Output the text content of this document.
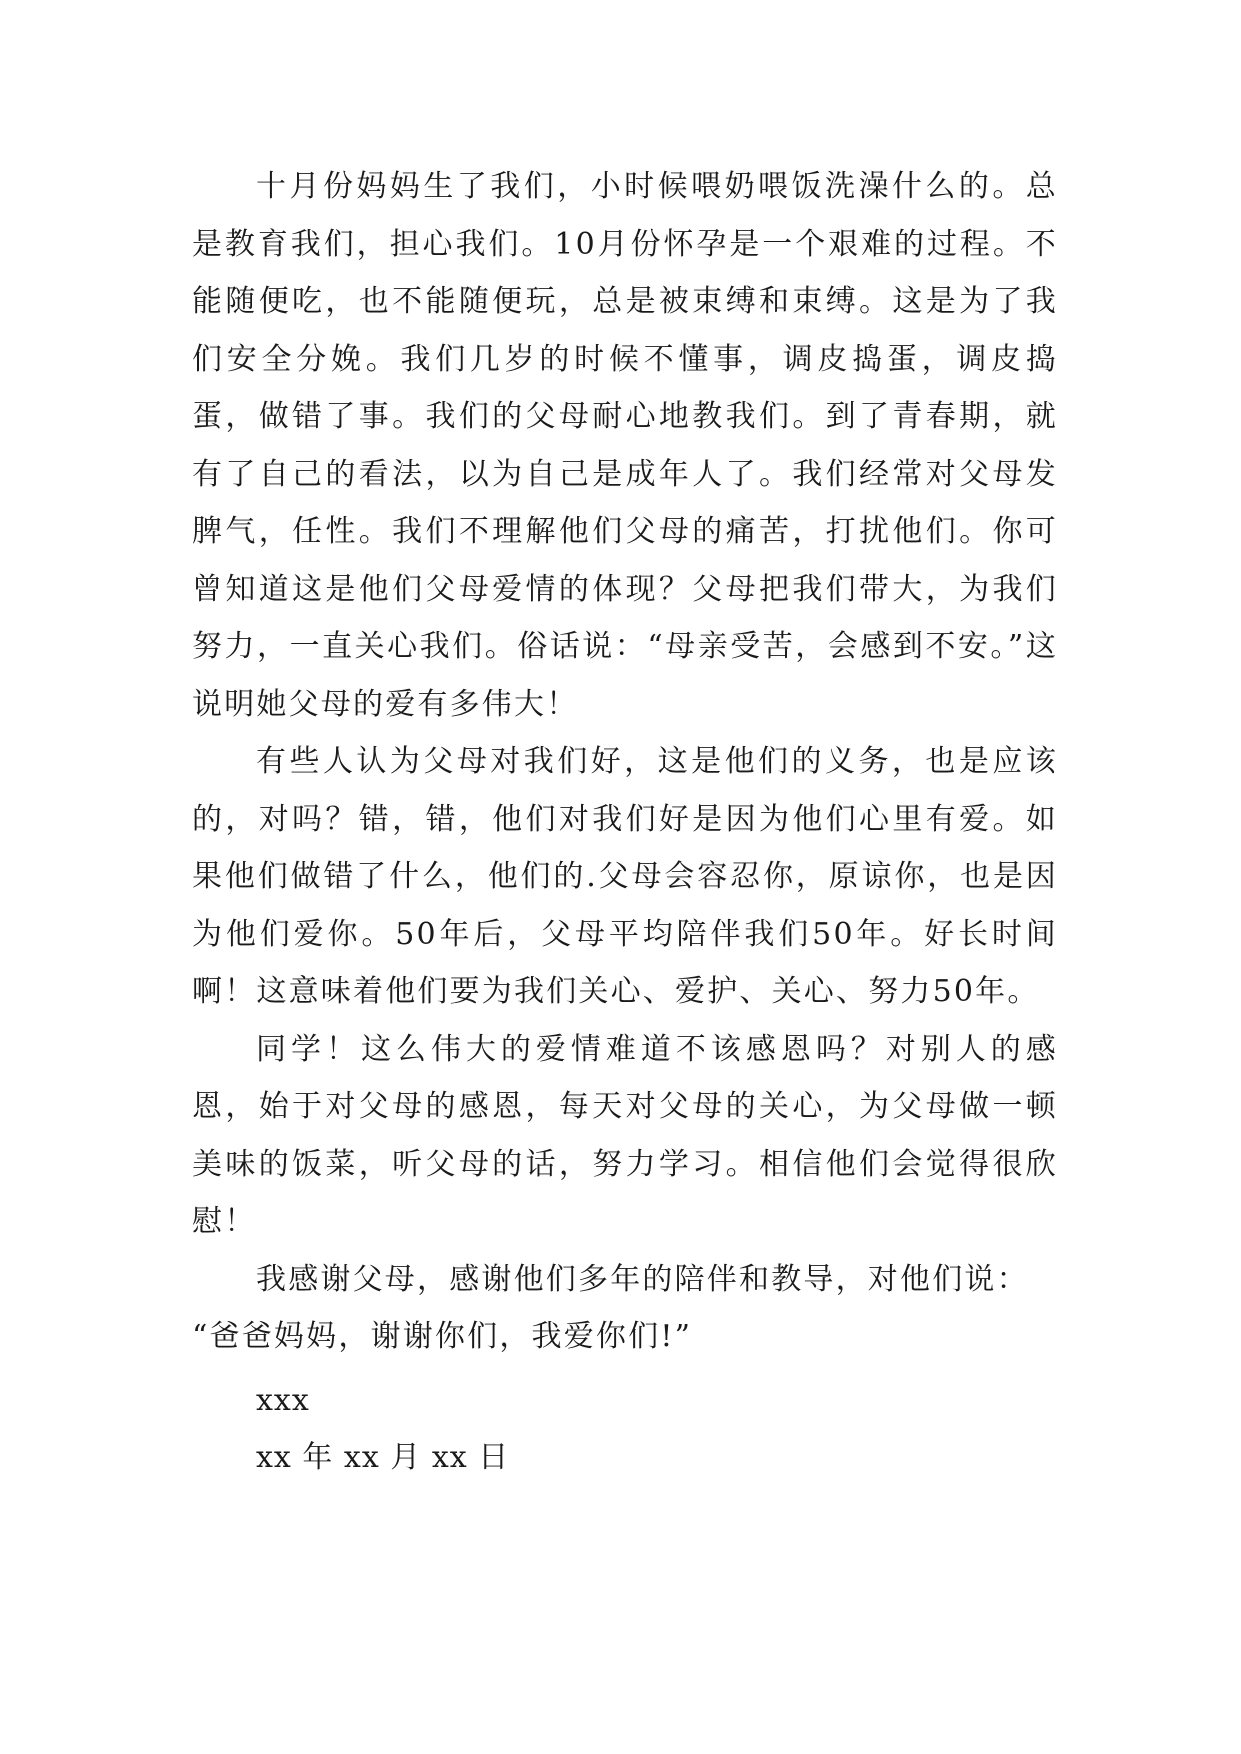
十月份妈妈生了我们，小时候喂奶喂饭洗澡什么的。总是教育我们，担心我们。10月份怀孕是一个艰难的过程。不能随便吃，也不能随便玩，总是被束缚和束缚。这是为了我们安全分娩。我们几岁的时候不懂事，调皮捣蛋，调皮捣蛋，做错了事。我们的父母耐心地教我们。到了青春期，就有了自己的看法，以为自己是成年人了。我们经常对父母发脾气，任性。我们不理解他们父母的痛苦，打扰他们。你可曾知道这是他们父母爱情的体现？父母把我们带大，为我们努力，一直关心我们。俗话说：“母亲受苦，会感到不安。”这说明她父母的爱有多伟大！

有些人认为父母对我们好，这是他们的义务，也是应该的，对吗？错，错，他们对我们好是因为他们心里有爱。如果他们做错了什么，他们的.父母会容忍你，原谅你，也是因为他们爱你。50年后，父母平均陪伴我们50年。好长时间啊！这意味着他们要为我们关心、爱护、关心、努力50年。

同学！这么伟大的爱情难道不该感恩吗？对别人的感恩，始于对父母的感恩，每天对父母的关心，为父母做一顿美味的饭菜，听父母的话，努力学习。相信他们会觉得很欣慰！

我感谢父母，感谢他们多年的陪伴和教导，对他们说：

“爸爸妈妈，谢谢你们，我爱你们!”

xxx
xx 年 xx 月 xx 日
